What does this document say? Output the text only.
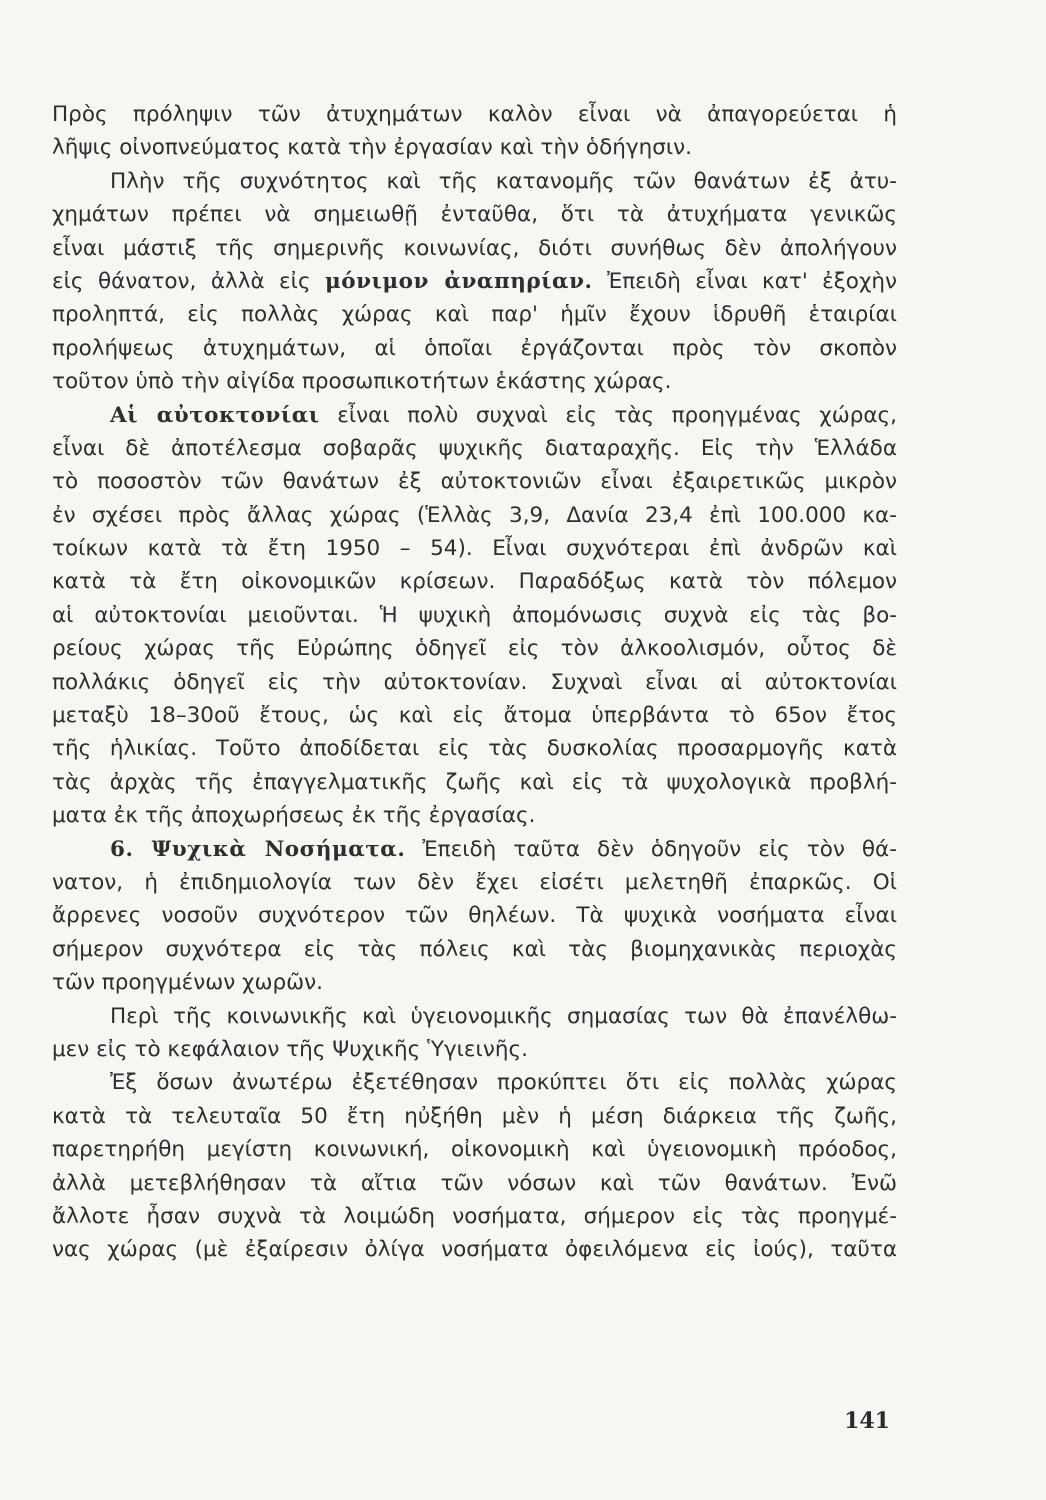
Πρὸς πρόληψιν τῶν ἀτυχημάτων καλὸν εἶναι νὰ ἀπαγορεύεται ἡ
λῆψις οἰνοπνεύματος κατὰ τὴν ἐργασίαν καὶ τὴν ὁδήγησιν.
Πλὴν τῆς συχνότητος καὶ τῆς κατανομῆς τῶν θανάτων ἐξ ἀτυ-
χημάτων πρέπει νὰ σημειωθῇ ἐνταῦθα, ὅτι τὰ ἀτυχήματα γενικῶς
εἶναι μάστιξ τῆς σημερινῆς κοινωνίας, διότι συνήθως δὲν ἀπολήγουν
εἰς θάνατον, ἀλλὰ εἰς μόνιμον ἀναπηρίαν. Ἐπειδὴ εἶναι κατ' ἐξοχὴν
προληπτά, εἰς πολλὰς χώρας καὶ παρ' ἡμῖν ἔχουν ἱδρυθῆ ἑταιρίαι
προλήψεως ἀτυχημάτων, αἱ ὁποῖαι ἐργάζονται πρὸς τὸν σκοπὸν
τοῦτον ὑπὸ τὴν αἰγίδα προσωπικοτήτων ἑκάστης χώρας.
Αἱ αὐτοκτονίαι εἶναι πολὺ συχναὶ εἰς τὰς προηγμένας χώρας,
εἶναι δὲ ἀποτέλεσμα σοβαρᾶς ψυχικῆς διαταραχῆς. Εἰς τὴν Ἑλλάδα
τὸ ποσοστὸν τῶν θανάτων ἐξ αὐτοκτονιῶν εἶναι ἐξαιρετικῶς μικρὸν
ἐν σχέσει πρὸς ἄλλας χώρας (Ἑλλὰς 3,9, Δανία 23,4 ἐπὶ 100.000 κα-
τοίκων κατὰ τὰ ἔτη 1950 – 54). Εἶναι συχνότεραι ἐπὶ ἀνδρῶν καὶ
κατὰ τὰ ἔτη οἰκονομικῶν κρίσεων. Παραδόξως κατὰ τὸν πόλεμον
αἱ αὐτοκτονίαι μειοῦνται. Ἡ ψυχικὴ ἀπομόνωσις συχνὰ εἰς τὰς βο-
ρείους χώρας τῆς Εὐρώπης ὁδηγεῖ εἰς τὸν ἀλκοολισμόν, οὗτος δὲ
πολλάκις ὁδηγεῖ εἰς τὴν αὐτοκτονίαν. Συχναὶ εἶναι αἱ αὐτοκτονίαι
μεταξὺ 18–30οῦ ἔτους, ὡς καὶ εἰς ἄτομα ὑπερβάντα τὸ 65ον ἔτος
τῆς ἡλικίας. Τοῦτο ἀποδίδεται εἰς τὰς δυσκολίας προσαρμογῆς κατὰ
τὰς ἀρχὰς τῆς ἐπαγγελματικῆς ζωῆς καὶ εἰς τὰ ψυχολογικὰ προβλή-
ματα ἐκ τῆς ἀποχωρήσεως ἐκ τῆς ἐργασίας.
6. Ψυχικὰ Νοσήματα. Ἐπειδὴ ταῦτα δὲν ὁδηγοῦν εἰς τὸν θά-
νατον, ἡ ἐπιδημιολογία των δὲν ἔχει εἰσέτι μελετηθῆ ἐπαρκῶς. Οἱ
ἄρρενες νοσοῦν συχνότερον τῶν θηλέων. Τὰ ψυχικὰ νοσήματα εἶναι
σήμερον συχνότερα εἰς τὰς πόλεις καὶ τὰς βιομηχανικὰς περιοχὰς
τῶν προηγμένων χωρῶν.
Περὶ τῆς κοινωνικῆς καὶ ὑγειονομικῆς σημασίας των θὰ ἐπανέλθω-
μεν εἰς τὸ κεφάλαιον τῆς Ψυχικῆς Ὑγιεινῆς.
Ἐξ ὅσων ἀνωτέρω ἐξετέθησαν προκύπτει ὅτι εἰς πολλὰς χώρας
κατὰ τὰ τελευταῖα 50 ἔτη ηὐξήθη μὲν ἡ μέση διάρκεια τῆς ζωῆς,
παρετηρήθη μεγίστη κοινωνική, οἰκονομικὴ καὶ ὑγειονομικὴ πρόοδος,
ἀλλὰ μετεβλήθησαν τὰ αἴτια τῶν νόσων καὶ τῶν θανάτων. Ἐνῶ
ἄλλοτε ἦσαν συχνὰ τὰ λοιμώδη νοσήματα, σήμερον εἰς τὰς προηγμέ-
νας χώρας (μὲ ἐξαίρεσιν ὀλίγα νοσήματα ὀφειλόμενα εἰς ἰούς), ταῦτα
141
